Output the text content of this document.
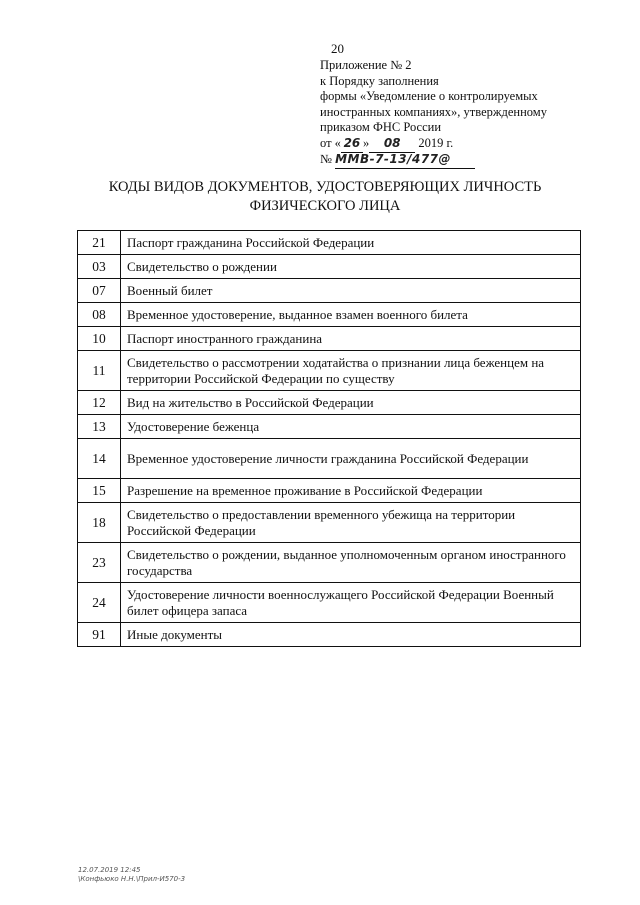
20
Приложение № 2
к Порядку заполнения
формы «Уведомление о контролируемых
иностранных компаниях», утвержденному
приказом ФНС России
от « 26 » 08 2019 г.
№ ММВ-7-13/477@
КОДЫ ВИДОВ ДОКУМЕНТОВ, УДОСТОВЕРЯЮЩИХ ЛИЧНОСТЬ
ФИЗИЧЕСКОГО ЛИЦА
21	Паспорт гражданина Российской Федерации
03	Свидетельство о рождении
07	Военный билет
08	Временное удостоверение, выданное взамен военного билета
10	Паспорт иностранного гражданина
11	Свидетельство о рассмотрении ходатайства о признании лица беженцем на территории Российской Федерации по существу
12	Вид на жительство в Российской Федерации
13	Удостоверение беженца
14	Временное удостоверение личности гражданина Российской Федерации
15	Разрешение на временное проживание в Российской Федерации
18	Свидетельство о предоставлении временного убежища на территории Российской Федерации
23	Свидетельство о рождении, выданное уполномоченным органом иностранного государства
24	Удостоверение личности военнослужащего Российской Федерации Военный билет офицера запаса
91	Иные документы
12.07.2019 12:45
\Конфьюко Н.Н.\Прил-И570-3
